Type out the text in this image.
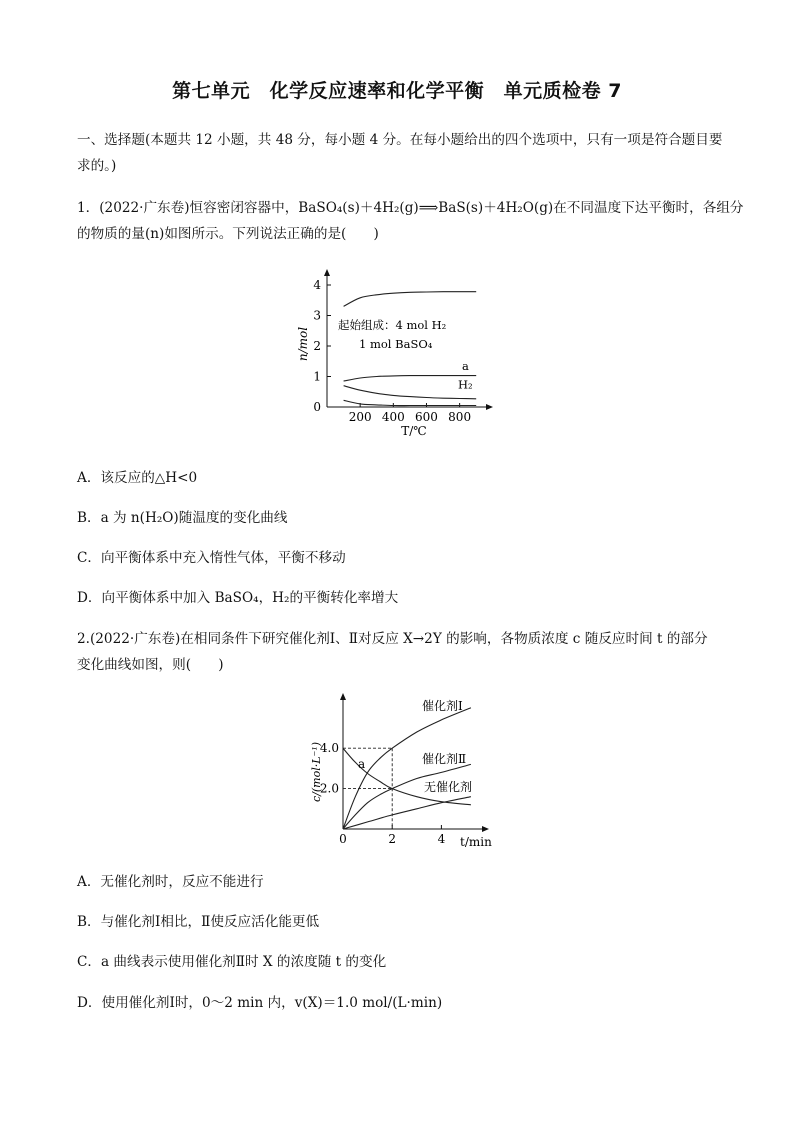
第七单元　化学反应速率和化学平衡　单元质检卷 7
一、选择题(本题共 12 小题，共 48 分，每小题 4 分。在每小题给出的四个选项中，只有一项是符合题目要
求的。)
1．(2022·广东卷)恒容密闭容器中，BaSO₄(s)＋4H₂(g)⟹BaS(s)＋4H₂O(g)在不同温度下达平衡时，各组分
的物质的量(n)如图所示。下列说法正确的是(　　)
n/mol
T/℃
起始组成：4 mol H₂
1 mol BaSO₄
0
1
2
3
4
200 400 600 800
a
H₂
A．该反应的△H<0
B．a 为 n(H₂O)随温度的变化曲线
C．向平衡体系中充入惰性气体，平衡不移动
D．向平衡体系中加入 BaSO₄，H₂的平衡转化率增大
2.(2022·广东卷)在相同条件下研究催化剂Ⅰ、Ⅱ对反应 X→2Y 的影响，各物质浓度 c 随反应时间 t 的部分
变化曲线如图，则(　　)
c/(mol·L⁻¹)
t/min
2.0
4.0
0	2	4
催化剂Ⅰ
催化剂Ⅱ
无催化剂
a
A．无催化剂时，反应不能进行
B．与催化剂Ⅰ相比，Ⅱ使反应活化能更低
C．a 曲线表示使用催化剂Ⅱ时 X 的浓度随 t 的变化
D．使用催化剂Ⅰ时，0～2 min 内，v(X)＝1.0 mol/(L·min)
